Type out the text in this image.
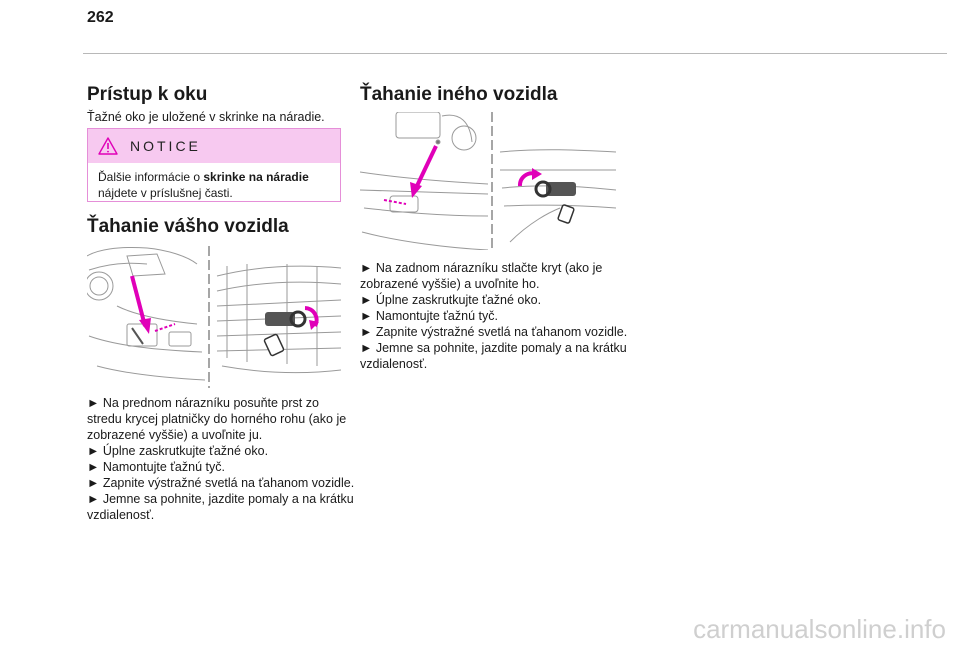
262
Prístup k oku

Ťažné oko je uložené v skrinke na náradie.

NOTICE
Ďalšie informácie o skrinke na náradie
nájdete v príslušnej časti.
Ťahanie vášho vozidla
► Na prednom nárazníku posuňte prst zo
stredu krycej platničky do horného rohu (ako je
zobrazené vyššie) a uvoľnite ju.
► Úplne zaskrutkujte ťažné oko.
► Namontujte ťažnú tyč.
► Zapnite výstražné svetlá na ťahanom vozidle.
► Jemne sa pohnite, jazdite pomaly a na krátku
vzdialenosť.
Ťahanie iného vozidla
► Na zadnom nárazníku stlačte kryt (ako je
zobrazené vyššie) a uvoľnite ho.
► Úplne zaskrutkujte ťažné oko.
► Namontujte ťažnú tyč.
► Zapnite výstražné svetlá na ťahanom vozidle.
► Jemne sa pohnite, jazdite pomaly a na krátku
vzdialenosť.
carmanualsonline.info
